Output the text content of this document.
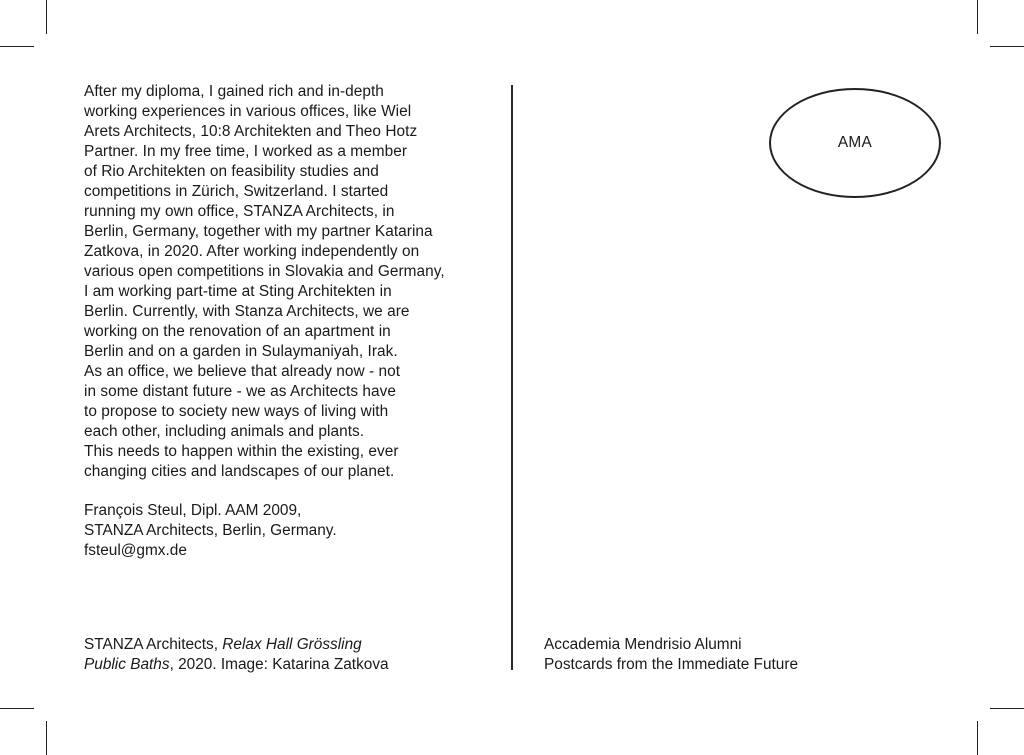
After my diploma, I gained rich and in-depth
working experiences in various offices, like Wiel
Arets Architects, 10:8 Architekten and Theo Hotz
Partner. In my free time, I worked as a member
of Rio Architekten on feasibility studies and
competitions in Zürich, Switzerland. I started
running my own office, STANZA Architects, in
Berlin, Germany, together with my partner Katarina
Zatkova, in 2020. After working independently on
various open competitions in Slovakia and Germany,
I am working part-time at Sting Architekten in
Berlin. Currently, with Stanza Architects, we are
working on the renovation of an apartment in
Berlin and on a garden in Sulaymaniyah, Irak.
As an office, we believe that already now - not
in some distant future - we as Architects have
to propose to society new ways of living with
each other, including animals and plants.
This needs to happen within the existing, ever
changing cities and landscapes of our planet.

François Steul, Dipl. AAM 2009,
STANZA Architects, Berlin, Germany.
fsteul@gmx.de
STANZA Architects, Relax Hall Grössling
Public Baths, 2020. Image: Katarina Zatkova
AMA
Accademia Mendrisio Alumni
Postcards from the Immediate Future
